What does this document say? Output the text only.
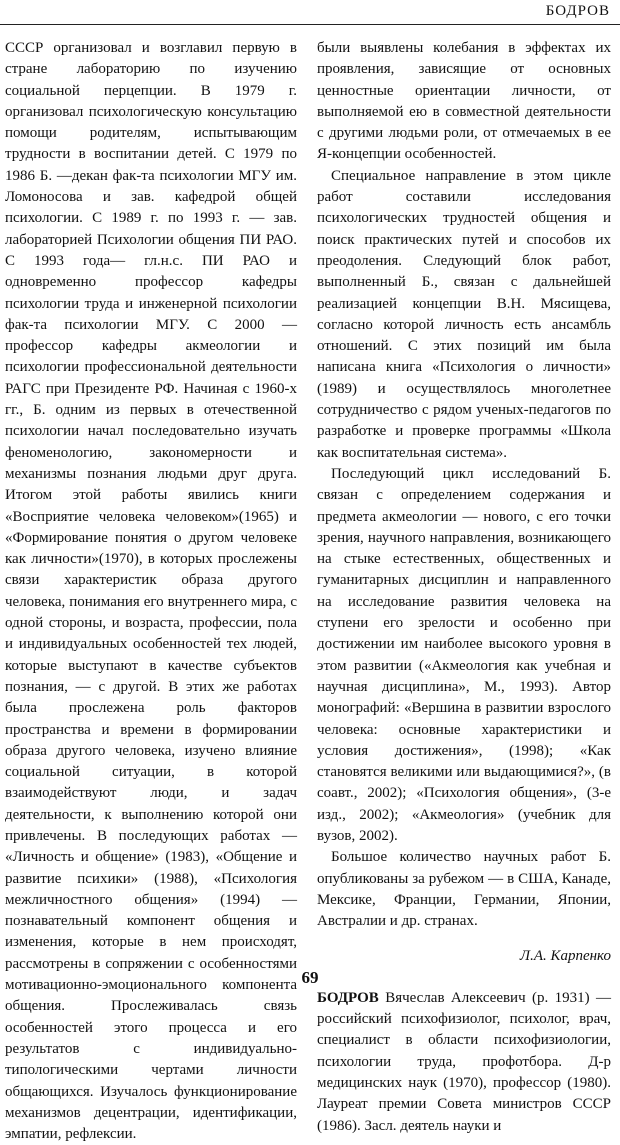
БОДРОВ

СССР организовал и возглавил первую в стране лабораторию по изучению социальной перцепции. В 1979 г. организовал психологическую консультацию помощи родителям, испытывающим трудности в воспитании детей. С 1979 по 1986 Б. —декан фак-та психологии МГУ им. Ломоносова и зав. кафедрой общей психологии. С 1989 г. по 1993 г. — зав. лабораторией Психологии общения ПИ РАО. С 1993 года— гл.н.с. ПИ РАО и одновременно профессор кафедры психологии труда и инженерной психологии фак-та психологии МГУ. С 2000 — профессор кафедры акмеологии и психологии профессиональной деятельности РАГС при Президенте РФ. Начиная с 1960-х гг., Б. одним из первых в отечественной психологии начал последовательно изучать феноменологию, закономерности и механизмы познания людьми друг друга. Итогом этой работы явились книги «Восприятие человека человеком»(1965) и «Формирование понятия о другом человеке как личности»(1970), в которых прослежены связи характеристик образа другого человека, понимания его внутреннего мира, с одной стороны, и возраста, профессии, пола и индивидуальных особенностей тех людей, которые выступают в качестве субъектов познания, — с другой. В этих же работах была прослежена роль факторов пространства и времени в формировании образа другого человека, изучено влияние социальной ситуации, в которой взаимодействуют люди, и задач деятельности, к выполнению которой они привлечены. В последующих работах — «Личность и общение» (1983), «Общение и развитие психики» (1988), «Психология межличностного общения» (1994) — познавательный компонент общения и изменения, которые в нем происходят, рассмотрены в сопряжении с особенностями мотивационно-эмоционального компонента общения. Прослеживалась связь особенностей этого процесса и его результатов с индивидуально-типологическими чертами личности общающихся. Изучалось функционирование механизмов децентрации, идентификации, эмпатии, рефлексии.

были выявлены колебания в эффектах их проявления, зависящие от основных ценностные ориентации личности, от выполняемой ею в совместной деятельности с другими людьми роли, от отмечаемых в ее Я-концепции особенностей.

Специальное направление в этом цикле работ составили исследования психологических трудностей общения и поиск практических путей и способов их преодоления. Следующий блок работ, выполненный Б., связан с дальнейшей реализацией концепции В.Н. Мясищева, согласно которой личность есть ансамбль отношений. С этих позиций им была написана книга «Психология о личности» (1989) и осуществлялось многолетнее сотрудничество с рядом ученых-педагогов по разработке и проверке программы «Школа как воспитательная система».

Последующий цикл исследований Б. связан с определением содержания и предмета акмеологии — нового, с его точки зрения, научного направления, возникающего на стыке естественных, общественных и гуманитарных дисциплин и направленного на исследование развития человека на ступени его зрелости и особенно при достижении им наиболее высокого уровня в этом развитии («Акмеология как учебная и научная дисциплина», М., 1993). Автор монографий: «Вершина в развитии взрослого человека: основные характеристики и условия достижения», (1998); «Как становятся великими или выдающимися?», (в соавт., 2002); «Психология общения», (3-е изд., 2002); «Акмеология» (учебник для вузов, 2002).

Большое количество научных работ Б. опубликованы за рубежом — в США, Канаде, Мексике, Франции, Германии, Японии, Австралии и др. странах.

Л.А. Карпенко

БОДРОВ Вячеслав Алексеевич (р. 1931) — российский психофизиолог, психолог, врач, специалист в области психофизиологии, психологии труда, профотбора. Д-р медицинских наук (1970), профессор (1980). Лауреат премии Совета министров СССР (1986). Засл. деятель науки и

69
